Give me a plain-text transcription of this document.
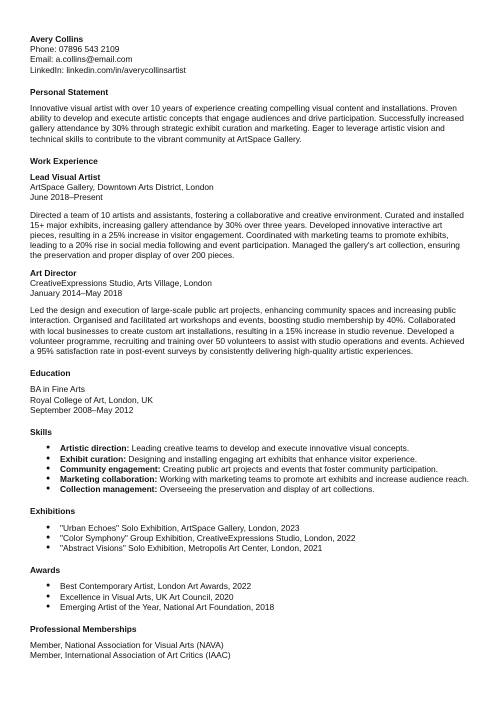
Avery Collins
Phone: 07896 543 2109
Email: a.collins@email.com
LinkedIn: linkedin.com/in/averycollinsartist
Personal Statement

Innovative visual artist with over 10 years of experience creating compelling visual content and installations. Proven ability to develop and execute artistic concepts that engage audiences and drive participation. Successfully increased gallery attendance by 30% through strategic exhibit curation and marketing. Eager to leverage artistic vision and technical skills to contribute to the vibrant community at ArtSpace Gallery.

Work Experience
Lead Visual Artist
ArtSpace Gallery, Downtown Arts District, London
June 2018–Present

Directed a team of 10 artists and assistants, fostering a collaborative and creative environment. Curated and installed 15+ major exhibits, increasing gallery attendance by 30% over three years. Developed innovative interactive art pieces, resulting in a 25% increase in visitor engagement. Coordinated with marketing teams to promote exhibits, leading to a 20% rise in social media following and event participation. Managed the gallery's art collection, ensuring the preservation and proper display of over 200 pieces.

Art Director
CreativeExpressions Studio, Arts Village, London
January 2014–May 2018

Led the design and execution of large-scale public art projects, enhancing community spaces and increasing public interaction. Organised and facilitated art workshops and events, boosting studio membership by 40%. Collaborated with local businesses to create custom art installations, resulting in a 15% increase in studio revenue. Developed a volunteer programme, recruiting and training over 50 volunteers to assist with studio operations and events. Achieved a 95% satisfaction rate in post-event surveys by consistently delivering high-quality artistic experiences.

Education
BA in Fine Arts
Royal College of Art, London, UK
September 2008–May 2012
Skills
● Artistic direction: Leading creative teams to develop and execute innovative visual concepts.
● Exhibit curation: Designing and installing engaging art exhibits that enhance visitor experience.
● Community engagement: Creating public art projects and events that foster community participation.
● Marketing collaboration: Working with marketing teams to promote art exhibits and increase audience reach.
● Collection management: Overseeing the preservation and display of art collections.
Exhibitions
● "Urban Echoes" Solo Exhibition, ArtSpace Gallery, London, 2023
● "Color Symphony" Group Exhibition, CreativeExpressions Studio, London, 2022
● "Abstract Visions" Solo Exhibition, Metropolis Art Center, London, 2021
Awards
● Best Contemporary Artist, London Art Awards, 2022
● Excellence in Visual Arts, UK Art Council, 2020
● Emerging Artist of the Year, National Art Foundation, 2018
Professional Memberships
Member, National Association for Visual Arts (NAVA)
Member, International Association of Art Critics (IAAC)
